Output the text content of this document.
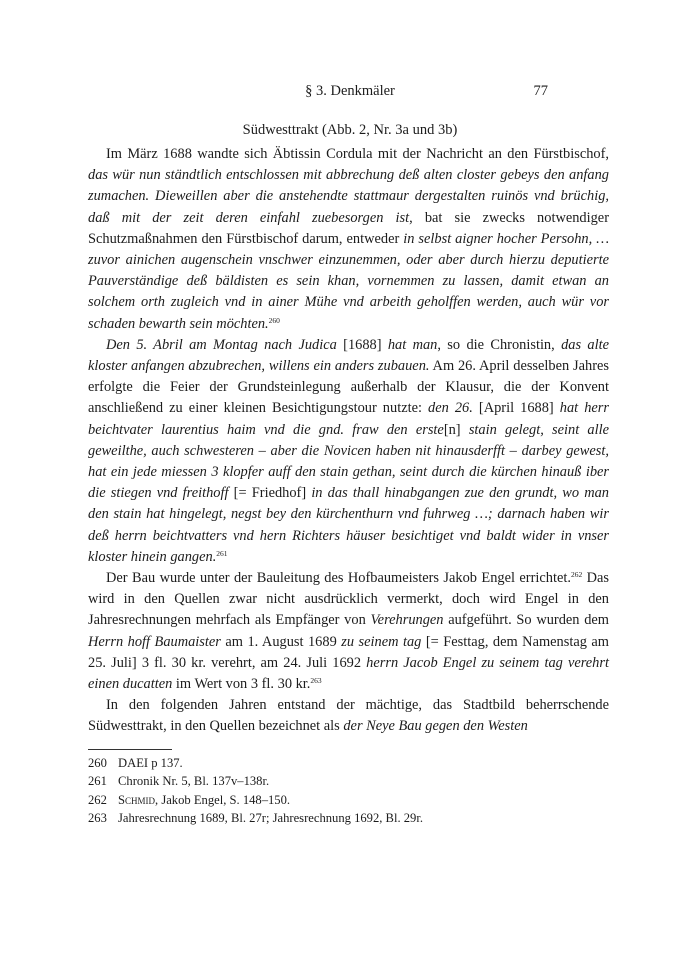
§ 3. Denkmäler	77
Südwesttrakt (Abb. 2, Nr. 3a und 3b)

Im März 1688 wandte sich Äbtissin Cordula mit der Nachricht an den Fürstbischof, das wür nun ständtlich entschlossen mit abbrechung deß alten closter gebeys den anfang zumachen. Dieweillen aber die anstehendte stattmaur dergestalten ruinös vnd brüchig, daß mit der zeit deren einfahl zuebesorgen ist, bat sie zwecks notwendiger Schutzmaßnahmen den Fürstbischof darum, entweder in selbst aigner hocher Persohn, … zuvor ainichen augenschein vnschwer einzunemmen, oder aber durch hierzu deputierte Pauverständige deß bäldisten es sein khan, vornemmen zu lassen, damit etwan an solchem orth zugleich vnd in ainer Mühe vnd arbeith geholffen werden, auch wür vor schaden bewarth sein möchten.$^{260}$

Den 5. Abril am Montag nach Judica [1688] hat man, so die Chronistin, das alte kloster anfangen abzubrechen, willens ein anders zubauen. Am 26. April desselben Jahres erfolgte die Feier der Grundsteinlegung außerhalb der Klausur, die der Konvent anschließend zu einer kleinen Besichtigungstour nutzte: den 26. [April 1688] hat herr beichtvater laurentius haim vnd die gnd. fraw den erste[n] stain gelegt, seint alle geweilthe, auch schwesteren – aber die Novicen haben nit hinausderfft – darbey gewest, hat ein jede miessen 3 klopfer auff den stain gethan, seint durch die kürchen hinauß iber die stiegen vnd freithoff [= Friedhof] in das thall hinabgangen zue den grundt, wo man den stain hat hingelegt, negst bey den kürchenthurn vnd fuhrweg …; darnach haben wir deß herrn beichtvatters vnd hern Richters häuser besichtiget vnd baldt wider in vnser kloster hinein gangen.$^{261}$

Der Bau wurde unter der Bauleitung des Hofbaumeisters Jakob Engel errichtet.$^{262}$ Das wird in den Quellen zwar nicht ausdrücklich vermerkt, doch wird Engel in den Jahresrechnungen mehrfach als Empfänger von Verehrungen aufgeführt. So wurden dem Herrn hoff Baumaister am 1. August 1689 zu seinem tag [= Festtag, dem Namenstag am 25. Juli] 3 fl. 30 kr. verehrt, am 24. Juli 1692 herrn Jacob Engel zu seinem tag verehrt einen ducatten im Wert von 3 fl. 30 kr.$^{263}$

In den folgenden Jahren entstand der mächtige, das Stadtbild beherrschende Südwesttrakt, in den Quellen bezeichnet als der Neye Bau gegen den Westen

260 DAEI p 137.
261 Chronik Nr. 5, Bl. 137v–138r.
262 Schmid, Jakob Engel, S. 148–150.
263 Jahresrechnung 1689, Bl. 27r; Jahresrechnung 1692, Bl. 29r.
